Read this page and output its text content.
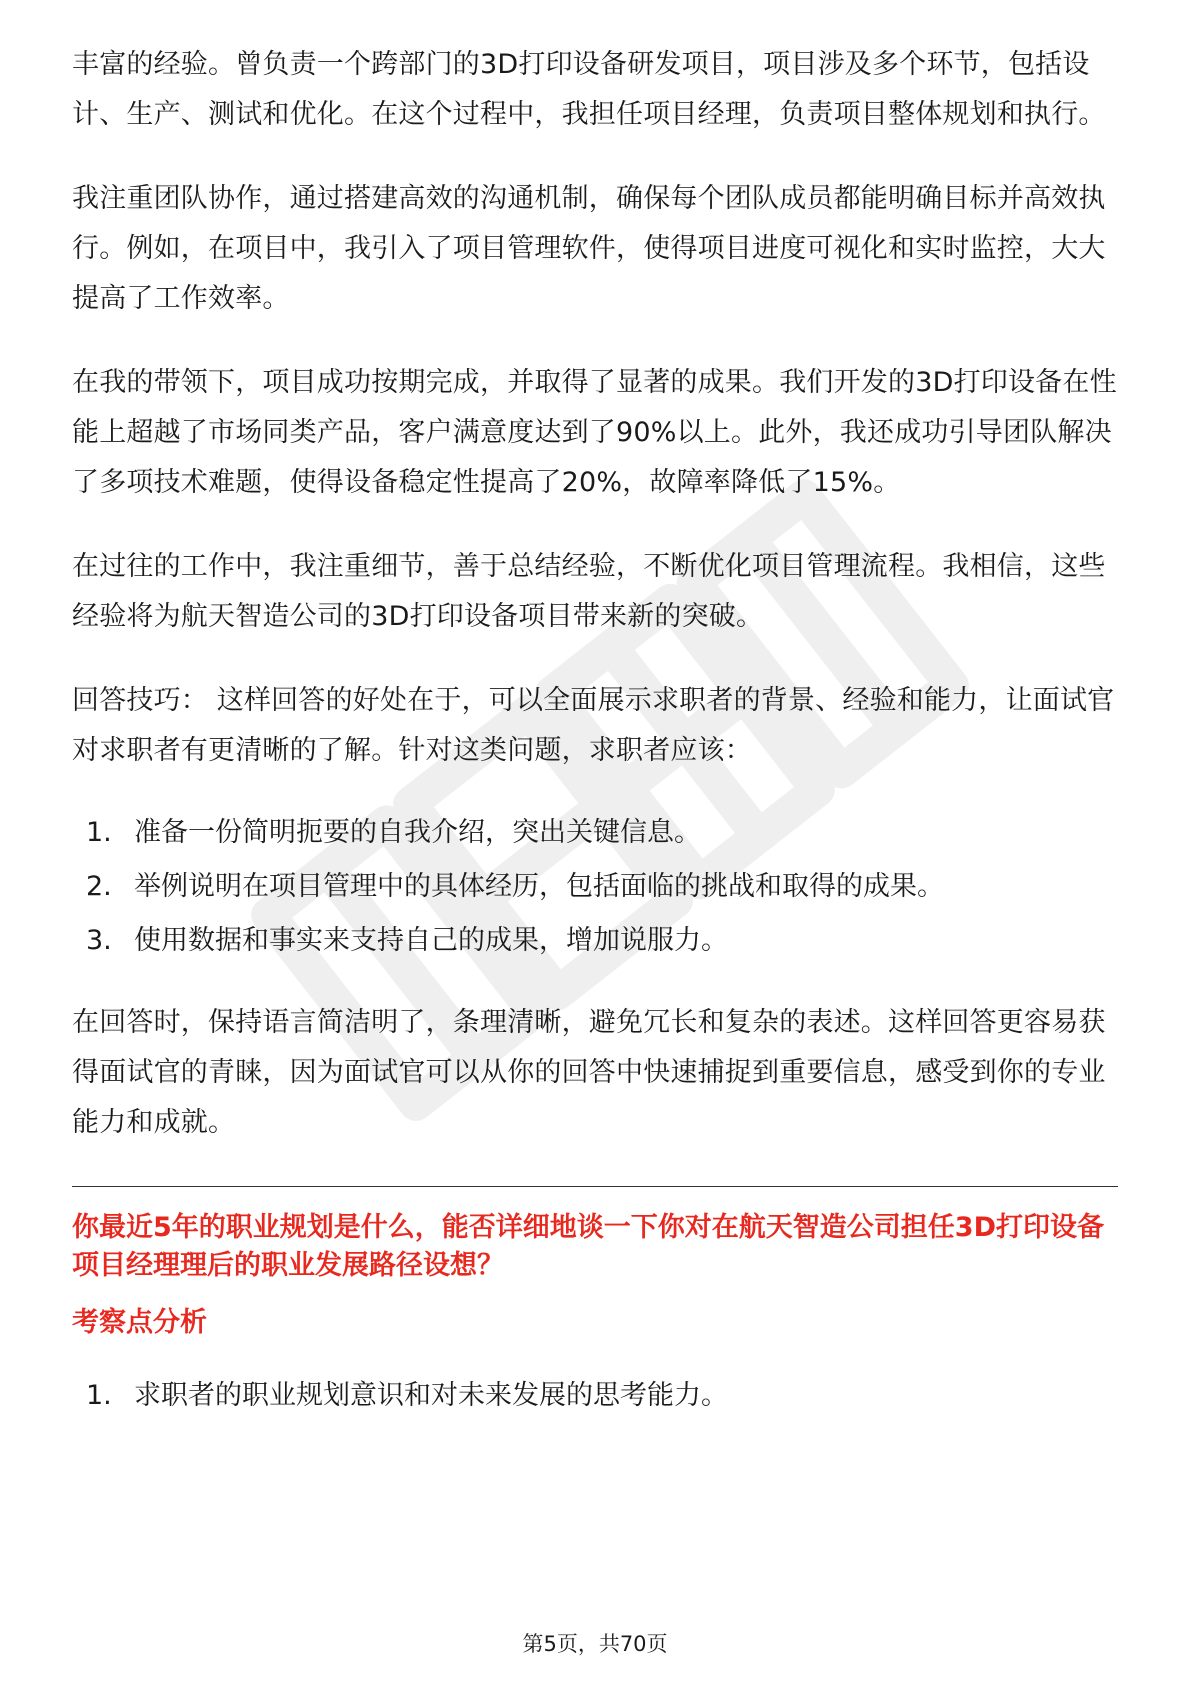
丰富的经验。曾负责一个跨部门的3D打印设备研发项目，项目涉及多个环节，包括设计、生产、测试和优化。在这个过程中，我担任项目经理，负责项目整体规划和执行。

我注重团队协作，通过搭建高效的沟通机制，确保每个团队成员都能明确目标并高效执行。例如，在项目中，我引入了项目管理软件，使得项目进度可视化和实时监控，大大提高了工作效率。

在我的带领下，项目成功按期完成，并取得了显著的成果。我们开发的3D打印设备在性能上超越了市场同类产品，客户满意度达到了90%以上。此外，我还成功引导团队解决了多项技术难题，使得设备稳定性提高了20%，故障率降低了15%。

在过往的工作中，我注重细节，善于总结经验，不断优化项目管理流程。我相信，这些经验将为航天智造公司的3D打印设备项目带来新的突破。

回答技巧： 这样回答的好处在于，可以全面展示求职者的背景、经验和能力，让面试官对求职者有更清晰的了解。针对这类问题，求职者应该：

1. 准备一份简明扼要的自我介绍，突出关键信息。
2. 举例说明在项目管理中的具体经历，包括面临的挑战和取得的成果。
3. 使用数据和事实来支持自己的成果，增加说服力。

在回答时，保持语言简洁明了，条理清晰，避免冗长和复杂的表述。这样回答更容易获得面试官的青睐，因为面试官可以从你的回答中快速捕捉到重要信息，感受到你的专业能力和成就。

你最近5年的职业规划是什么，能否详细地谈一下你对在航天智造公司担任3D打印设备项目经理理后的职业发展路径设想？
考察点分析
1. 求职者的职业规划意识和对未来发展的思考能力。
第5页，共70页
